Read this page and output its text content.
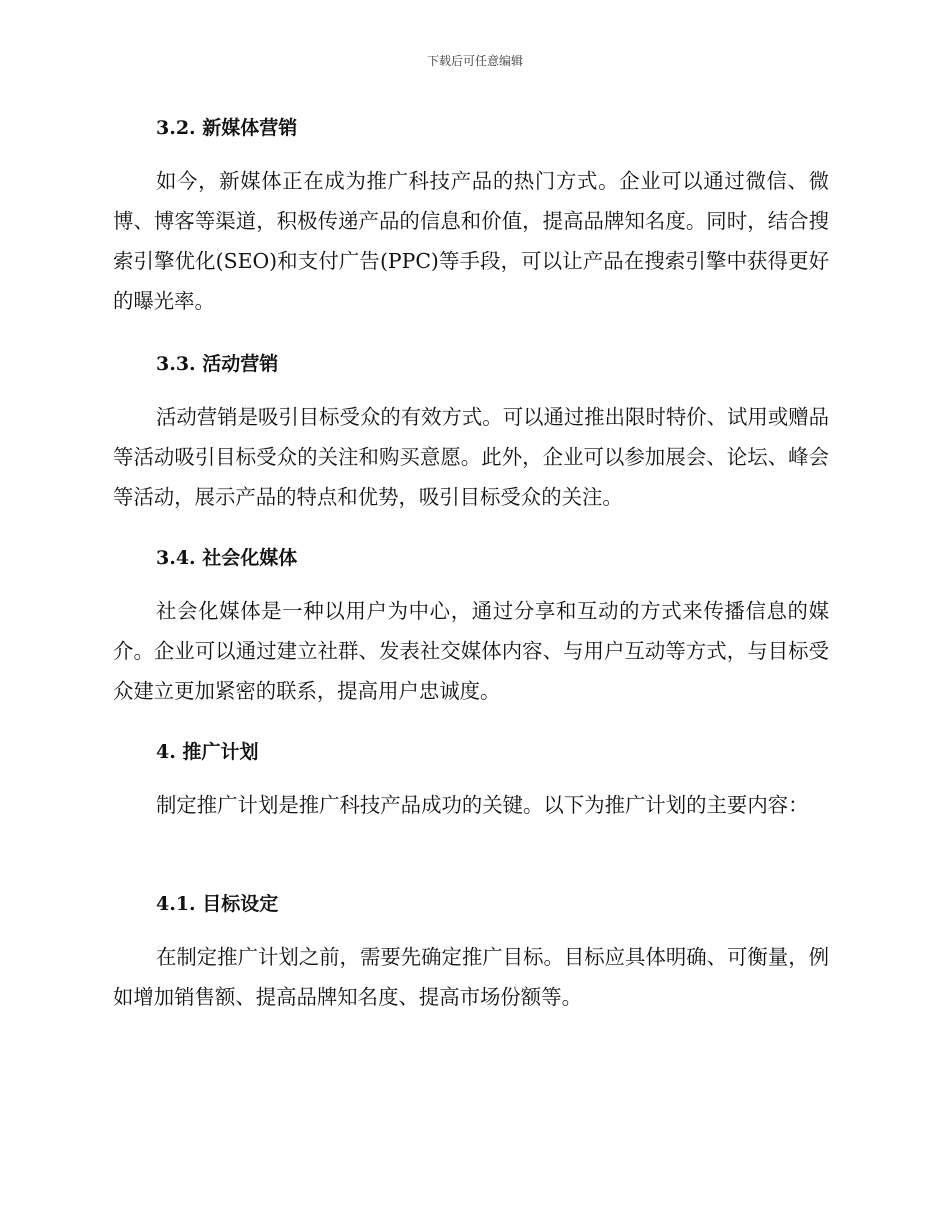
下载后可任意编辑
3.2. 新媒体营销

如今，新媒体正在成为推广科技产品的热门方式。企业可以通过微信、微博、博客等渠道，积极传递产品的信息和价值，提高品牌知名度。同时，结合搜索引擎优化(SEO)和支付广告(PPC)等手段，可以让产品在搜索引擎中获得更好的曝光率。

3.3. 活动营销

活动营销是吸引目标受众的有效方式。可以通过推出限时特价、试用或赠品等活动吸引目标受众的关注和购买意愿。此外，企业可以参加展会、论坛、峰会等活动，展示产品的特点和优势，吸引目标受众的关注。

3.4. 社会化媒体

社会化媒体是一种以用户为中心，通过分享和互动的方式来传播信息的媒介。企业可以通过建立社群、发表社交媒体内容、与用户互动等方式，与目标受众建立更加紧密的联系，提高用户忠诚度。

4. 推广计划

制定推广计划是推广科技产品成功的关键。以下为推广计划的主要内容：

4.1. 目标设定

在制定推广计划之前，需要先确定推广目标。目标应具体明确、可衡量，例如增加销售额、提高品牌知名度、提高市场份额等。
